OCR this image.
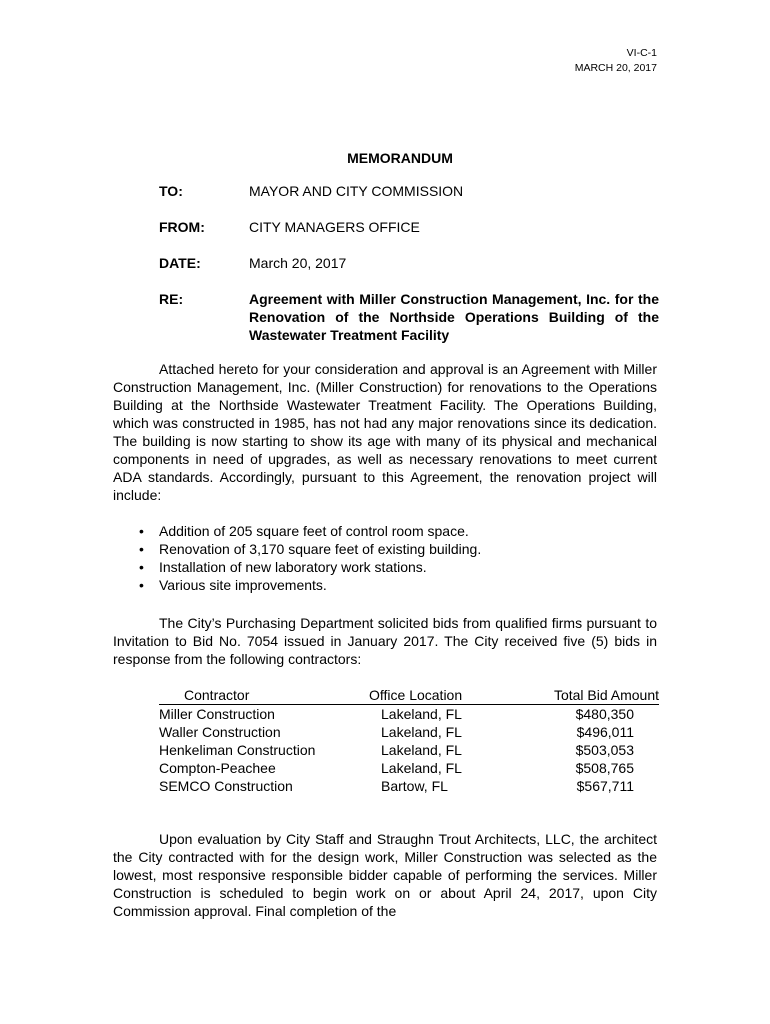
VI-C-1
MARCH 20, 2017
MEMORANDUM
TO:	MAYOR AND CITY COMMISSION
FROM:	CITY MANAGERS OFFICE
DATE:	March 20, 2017
RE:	Agreement with Miller Construction Management, Inc. for the Renovation of the Northside Operations Building of the Wastewater Treatment Facility

Attached hereto for your consideration and approval is an Agreement with Miller Construction Management, Inc. (Miller Construction) for renovations to the Operations Building at the Northside Wastewater Treatment Facility. The Operations Building, which was constructed in 1985, has not had any major renovations since its dedication. The building is now starting to show its age with many of its physical and mechanical components in need of upgrades, as well as necessary renovations to meet current ADA standards. Accordingly, pursuant to this Agreement, the renovation project will include:

• Addition of 205 square feet of control room space.
• Renovation of 3,170 square feet of existing building.
• Installation of new laboratory work stations.
• Various site improvements.

The City’s Purchasing Department solicited bids from qualified firms pursuant to Invitation to Bid No. 7054 issued in January 2017. The City received five (5) bids in response from the following contractors:

Contractor	Office Location	Total Bid Amount
Miller Construction	Lakeland, FL	$480,350
Waller Construction	Lakeland, FL	$496,011
Henkeliman Construction	Lakeland, FL	$503,053
Compton-Peachee	Lakeland, FL	$508,765
SEMCO Construction	Bartow, FL	$567,711

Upon evaluation by City Staff and Straughn Trout Architects, LLC, the architect the City contracted with for the design work, Miller Construction was selected as the lowest, most responsive responsible bidder capable of performing the services. Miller Construction is scheduled to begin work on or about April 24, 2017, upon City Commission approval. Final completion of the
